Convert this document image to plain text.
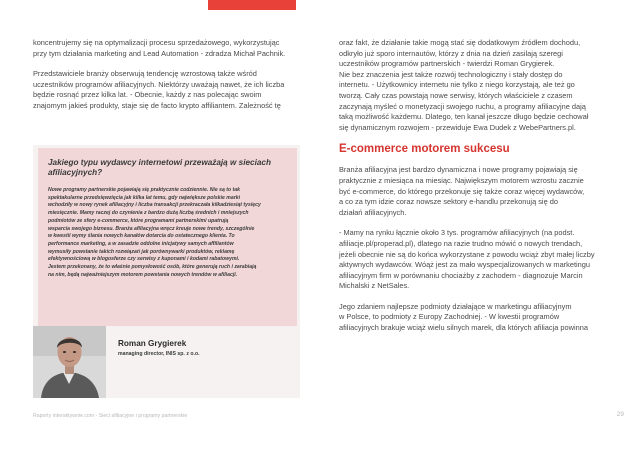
koncentrujemy się na optymalizacji procesu sprzedażowego, wykorzystując
przy tym działania marketing and Lead Automation - zdradza Michał Pachnik.

Przedstawiciele branży obserwują tendencję wzrostową także wśród
uczestników programów afiliacyjnych. Niektórzy uważają nawet, że ich liczba
będzie rosnąć przez kilka lat. - Obecnie, każdy z nas polecając swoim
znajomym jakieś produkty, staje się de facto krypto affiliantem. Zależność tę

Jakiego typu wydawcy internetowi przeważają w sieciach
afiliacyjnych?
Nowe programy partnerskie pojawiają się praktycznie codziennie. Nie są to tak
spektakularne przedsięwzięcia jak kilka lat temu, gdy największe polskie marki
wchodziły w nowy rynek afiliacyjny i liczba transakcji przekraczała kilkadziesiąt tysięcy
miesięcznie. Mamy raczej do czynienia z bardzo dużą liczbą średnich i mniejszych
podmiotów ze sfery e-commerce, które programami partnerskimi upatrują
wsparcia swojego biznesu. Branża afiliacyjna wręcz kreuje nowe trendy, szczególnie
w kwestii wymy ślania nowych kanałów dotarcia do ostatecznego klienta. To
performance marketing, a w zasadzie oddolne inicjatywy samych affiliantów
wymusiły powstanie takich rozwiązań jak porównywarki produktów, reklamę
efektywnościową w blogosferze czy serwisy z kuponami i kodami rabatowymi.
Jestem przekonany, że to właśnie pomysłowość osób, które generują ruch i zarabiają
na nim, będą najważniejszym motorem powstania nowych trendów w afiliacji.
Roman Grygierek
managing director, INIS sp. z o.o.

oraz fakt, że działanie takie mogą stać się dodatkowym źródłem dochodu,
odkryło już sporo internautów, którzy z dnia na dzień zasilają szeregi
uczestników programów partnerskich - twierdzi Roman Grygierek.
Nie bez znaczenia jest także rozwój technologiczny i stały dostęp do
internetu. - Użytkownicy internetu nie tylko z niego korzystają, ale też go
tworzą. Cały czas powstają nowe serwisy, których właściciele z czasem
zaczynają myśleć o monetyzacji swojego ruchu, a programy afiliacyjne dają
taką możliwość każdemu. Dlatego, ten kanał jeszcze długo będzie cechował
się dynamicznym rozwojem - przewiduje Ewa Dudek z WebePartners.pl.

E-commerce motorem sukcesu

Branża afiliacyjna jest bardzo dynamiczna i nowe programy pojawiają się
praktycznie z miesiąca na miesiąc. Największym motorem wzrostu zacznie
być e-commerce, do którego przekonuje się także coraz więcej wydawców,
a co za tym idzie coraz nowsze sektory e-handlu przekonują się do
działań afiliacyjnych.

- Mamy na rynku łącznie około 3 tys. programów afiliacyjnych (na podst.
afiliacje.pl/properad.pl), dlatego na razie trudno mówić o nowych trendach,
jeżeli obecnie nie są do końca wykorzystane z powodu wciąż zbyt małej liczby
aktywnych wydawców. Wóąż jest za mało wyspecjalizowanych w marketingu
afiliacyjnym firm w porównaniu chociażby z zachodem - diagnozuje Marcin
Michalski z NetSales.

Jego zdaniem najlepsze podmioty działające w marketingu afiliacyjnym
w Polsce, to podmioty z Europy Zachodniej. - W kwestii programów
afiliacyjnych brakuje wciąż wielu silnych marek, dla których afiliacja powinna

Raporty interaktywnie.com - Sieci afiliacyjne i programy partnerskie	29
